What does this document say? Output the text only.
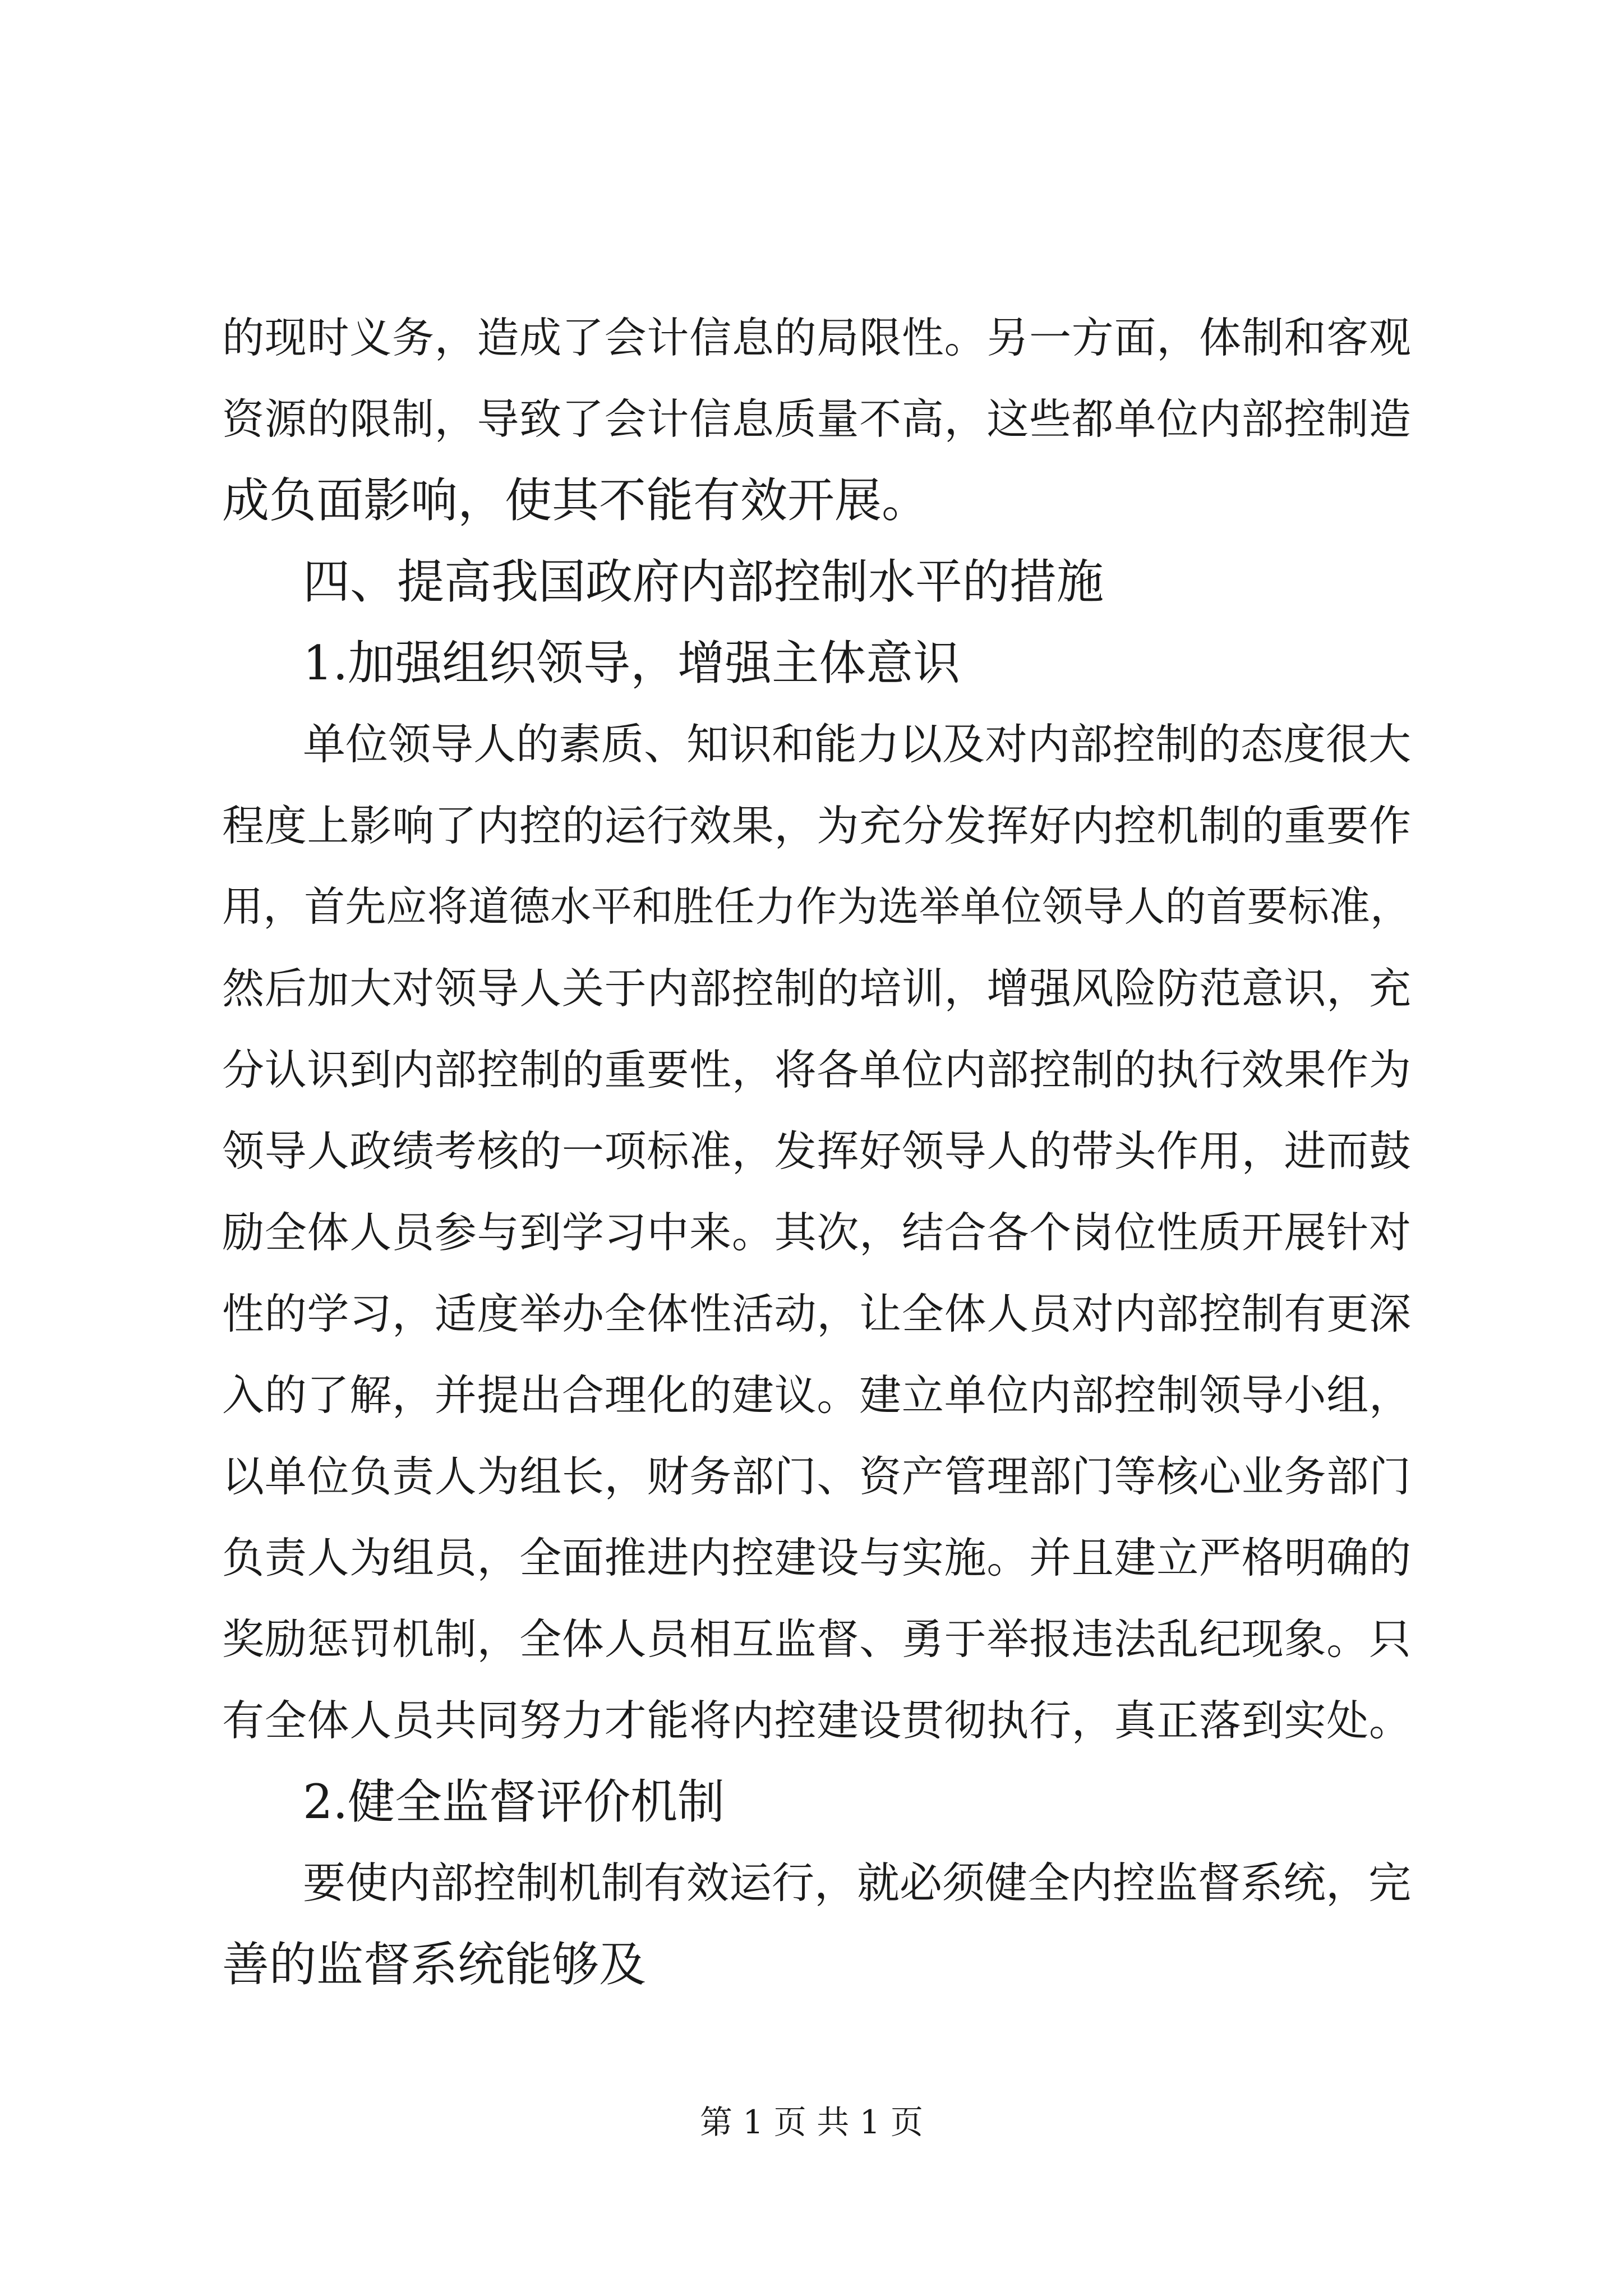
的现时义务，造成了会计信息的局限性。另一方面，体制和客观
资源的限制，导致了会计信息质量不高，这些都单位内部控制造
成负面影响，使其不能有效开展。
四、提高我国政府内部控制水平的措施
1.加强组织领导，增强主体意识
单位领导人的素质、知识和能力以及对内部控制的态度很大
程度上影响了内控的运行效果，为充分发挥好内控机制的重要作
用，首先应将道德水平和胜任力作为选举单位领导人的首要标准，
然后加大对领导人关于内部控制的培训，增强风险防范意识，充
分认识到内部控制的重要性，将各单位内部控制的执行效果作为
领导人政绩考核的一项标准，发挥好领导人的带头作用，进而鼓
励全体人员参与到学习中来。其次，结合各个岗位性质开展针对
性的学习，适度举办全体性活动，让全体人员对内部控制有更深
入的了解，并提出合理化的建议。建立单位内部控制领导小组，
以单位负责人为组长，财务部门、资产管理部门等核心业务部门
负责人为组员，全面推进内控建设与实施。并且建立严格明确的
奖励惩罚机制，全体人员相互监督、勇于举报违法乱纪现象。只
有全体人员共同努力才能将内控建设贯彻执行，真正落到实处。
2.健全监督评价机制
要使内部控制机制有效运行，就必须健全内控监督系统，完
善的监督系统能够及
第 1 页 共 1 页
